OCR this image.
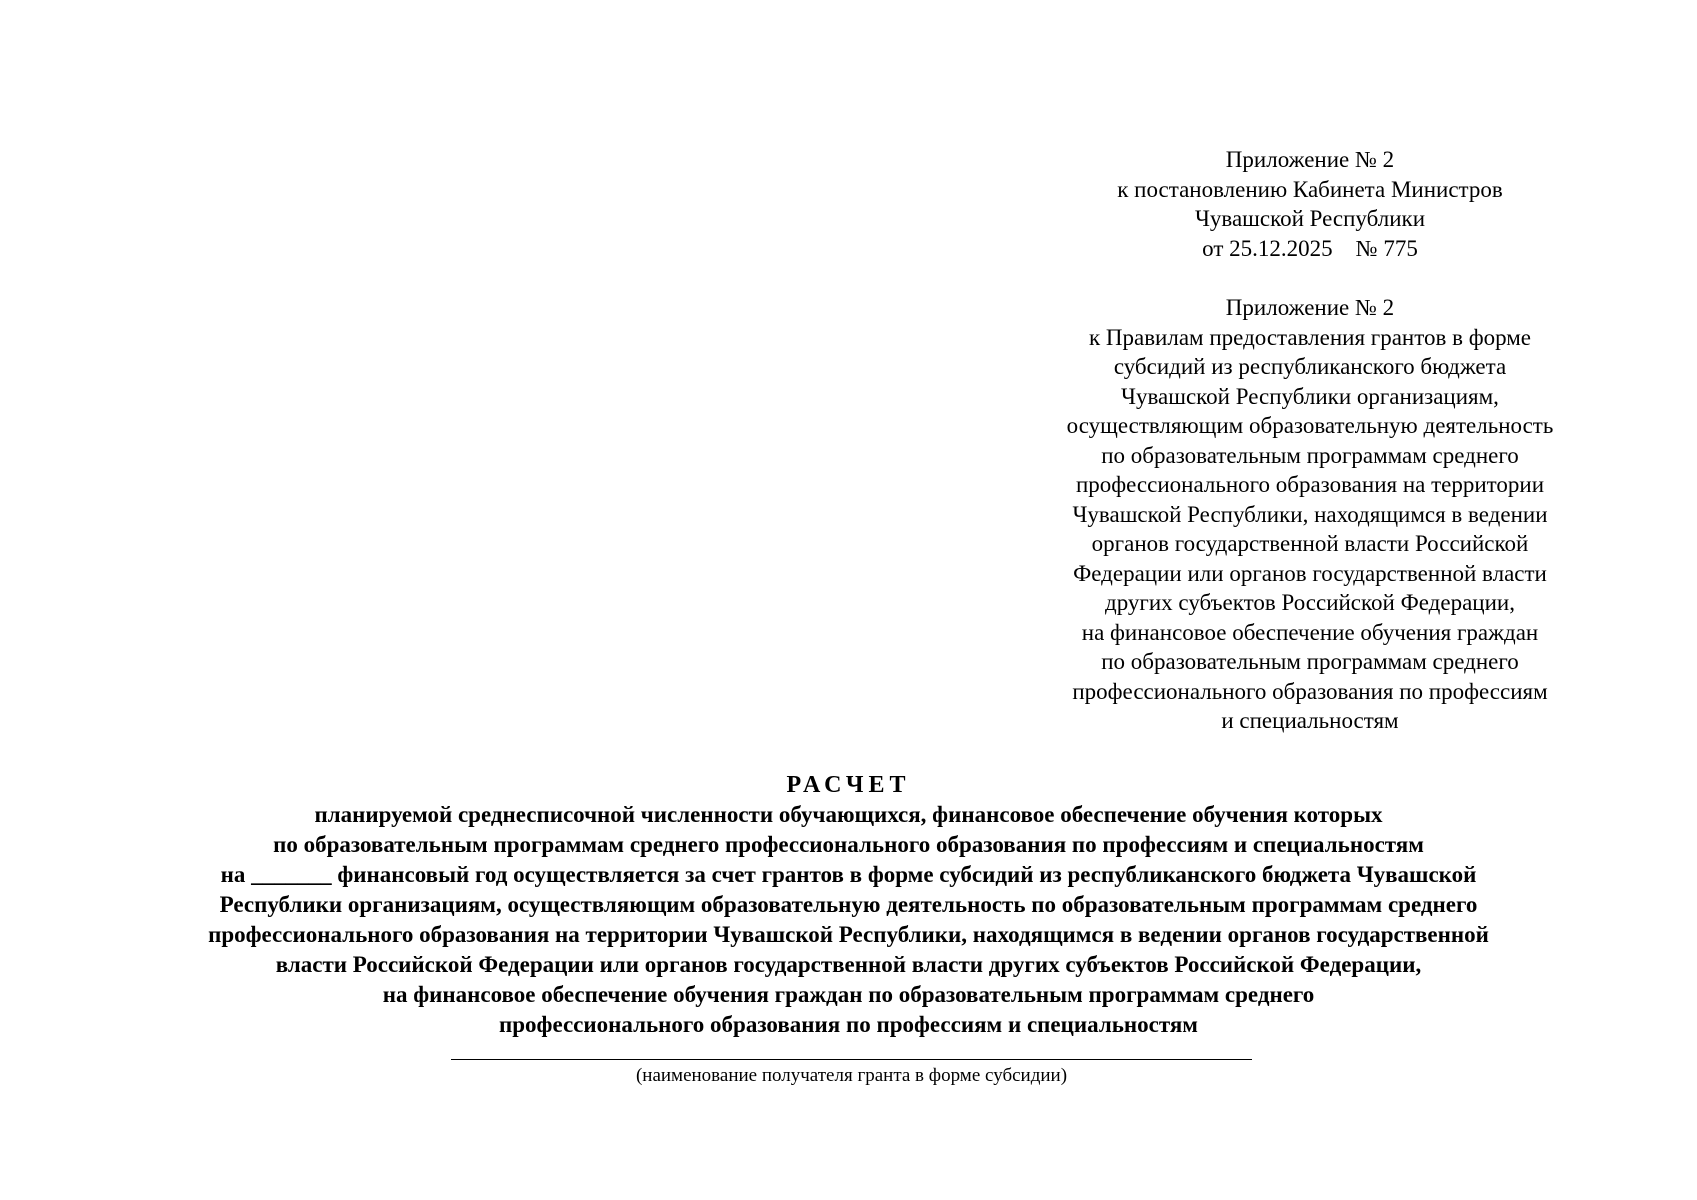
Приложение № 2
к постановлению Кабинета Министров
Чувашской Республики
от 25.12.2025    № 775
Приложение № 2
к Правилам предоставления грантов в форме
субсидий из республиканского бюджета
Чувашской Республики организациям,
осуществляющим образовательную деятельность
по образовательным программам среднего
профессионального образования на территории
Чувашской Республики, находящимся в ведении
органов государственной власти Российской
Федерации или органов государственной власти
других субъектов Российской Федерации,
на финансовое обеспечение обучения граждан
по образовательным программам среднего
профессионального образования по профессиям
и специальностям
РАСЧЕТ
планируемой среднесписочной численности обучающихся, финансовое обеспечение обучения которых
по образовательным программам среднего профессионального образования по профессиям и специальностям
на _______ финансовый год осуществляется за счет грантов в форме субсидий из республиканского бюджета Чувашской
Республики организациям, осуществляющим образовательную деятельность по образовательным программам среднего
профессионального образования на территории Чувашской Республики, находящимся в ведении органов государственной
власти Российской Федерации или органов государственной власти других субъектов Российской Федерации,
на финансовое обеспечение обучения граждан по образовательным программам среднего
профессионального образования по профессиям и специальностям
(наименование получателя гранта в форме субсидии)
